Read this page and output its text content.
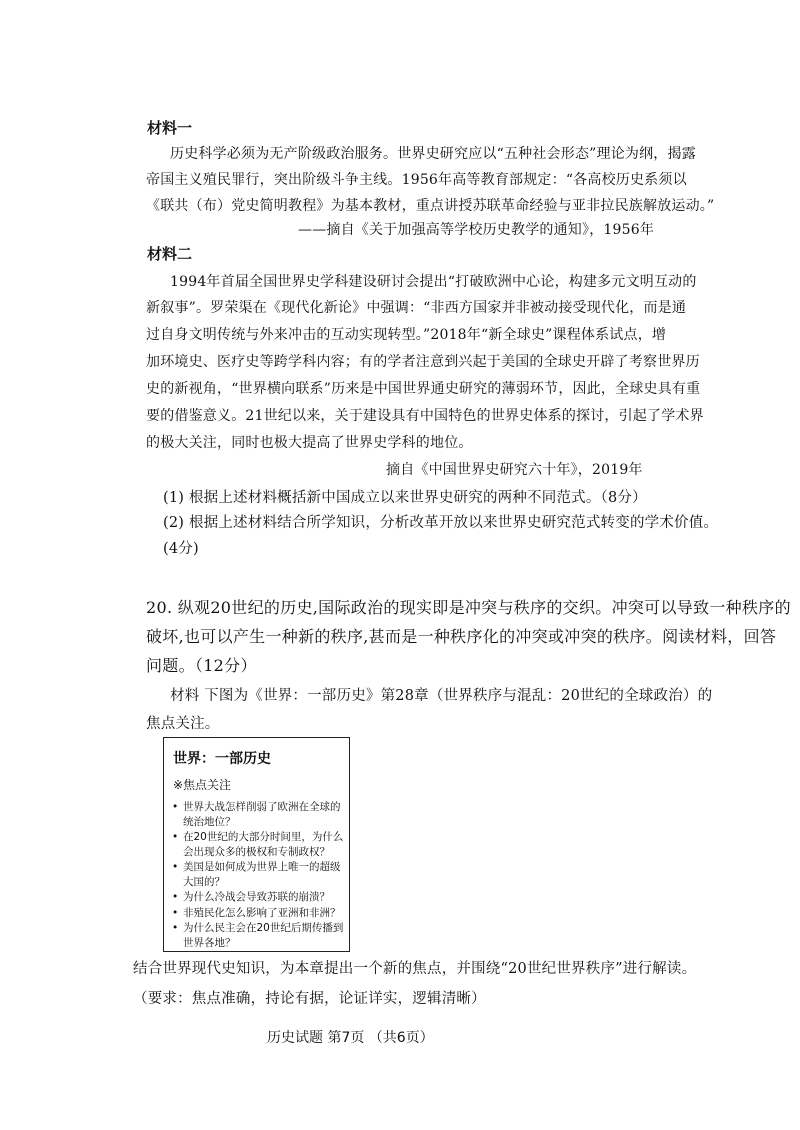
材料一
历史科学必须为无产阶级政治服务。世界史研究应以“五种社会形态”理论为纲，揭露
帝国主义殖民罪行，突出阶级斗争主线。1956年高等教育部规定：“各高校历史系须以
《联共（布）党史简明教程》为基本教材，重点讲授苏联革命经验与亚非拉民族解放运动。”
——摘自《关于加强高等学校历史教学的通知》，1956年
材料二
1994年首届全国世界史学科建设研讨会提出“打破欧洲中心论，构建多元文明互动的
新叙事”。罗荣渠在《现代化新论》中强调：“非西方国家并非被动接受现代化，而是通
过自身文明传统与外来冲击的互动实现转型。”2018年“新全球史”课程体系试点，增
加环境史、医疗史等跨学科内容；有的学者注意到兴起于美国的全球史开辟了考察世界历
史的新视角，“世界横向联系”历来是中国世界通史研究的薄弱环节，因此，全球史具有重
要的借鉴意义。21世纪以来，关于建设具有中国特色的世界史体系的探讨，引起了学术界
的极大关注，同时也极大提高了世界史学科的地位。
摘自《中国世界史研究六十年》，2019年
(1) 根据上述材料概括新中国成立以来世界史研究的两种不同范式。（8分）
(2) 根据上述材料结合所学知识，分析改革开放以来世界史研究范式转变的学术价值。
(4分)
20. 纵观20世纪的历史,国际政治的现实即是冲突与秩序的交织。冲突可以导致一种秩序的
破坏,也可以产生一种新的秩序,甚而是一种秩序化的冲突或冲突的秩序。阅读材料，回答
问题。（12分）
材料 下图为《世界：一部历史》第28章（世界秩序与混乱：20世纪的全球政治）的
焦点关注。
世界：一部历史
※焦点关注
• 世界大战怎样削弱了欧洲在全球的统治地位？
• 在20世纪的大部分时间里，为什么会出现众多的极权和专制政权？
• 美国是如何成为世界上唯一的超级大国的？
• 为什么冷战会导致苏联的崩溃？
• 非殖民化怎么影响了亚洲和非洲？
• 为什么民主会在20世纪后期传播到世界各地？
结合世界现代史知识，为本章提出一个新的焦点，并围绕“20世纪世界秩序”进行解读。
（要求：焦点准确，持论有据，论证详实，逻辑清晰）
历史试题 第7页 （共6页）
